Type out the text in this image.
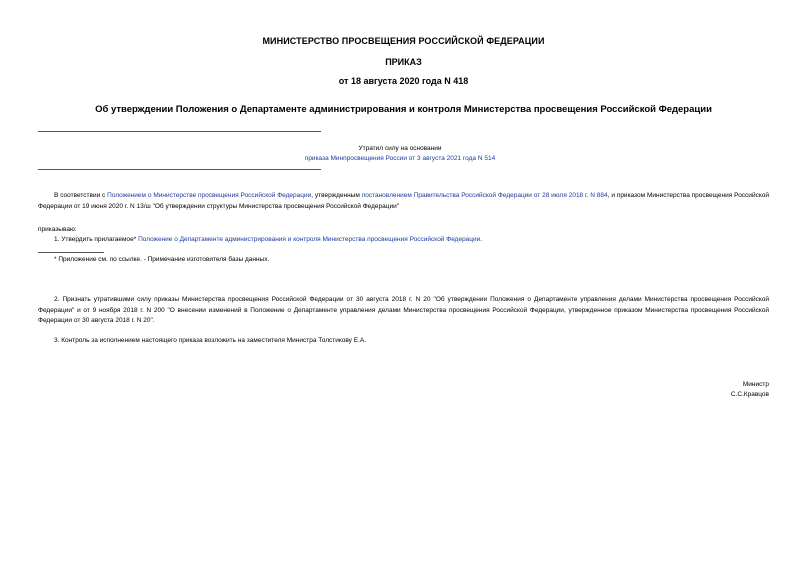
МИНИСТЕРСТВО ПРОСВЕЩЕНИЯ РОССИЙСКОЙ ФЕДЕРАЦИИ
ПРИКАЗ
от 18 августа 2020 года N 418
Об утверждении Положения о Департаменте администрирования и контроля Министерства просвещения Российской Федерации
Утратил силу на основании
приказа Минпросвещения России от 3 августа 2021 года N 514
В соответствии с Положением о Министерстве просвещения Российской Федерации, утвержденным постановлением Правительства Российской Федерации от 28 июля 2018 г. N 884, и приказом Министерства просвещения Российской Федерации от 19 июня 2020 г. N 13/ш "Об утверждении структуры Министерства просвещения Российской Федерации"
приказываю:
1. Утвердить прилагаемое* Положение о Департаменте администрирования и контроля Министерства просвещения Российской Федерации.
* Приложение см. по ссылке. - Примечание изготовителя базы данных.
2. Признать утратившими силу приказы Министерства просвещения Российской Федерации от 30 августа 2018 г. N 20 "Об утверждении Положения о Департаменте управления делами Министерства просвещения Российской Федерации" и от 9 ноября 2018 г. N 200 "О внесении изменений в Положение о Департаменте управления делами Министерства просвещения Российской Федерации, утвержденное приказом Министерства просвещения Российской Федерации от 30 августа 2018 г. N 20".
3. Контроль за исполнением настоящего приказа возложить на заместителя Министра Толстикову Е.А.
Министр
С.С.Кравцов
